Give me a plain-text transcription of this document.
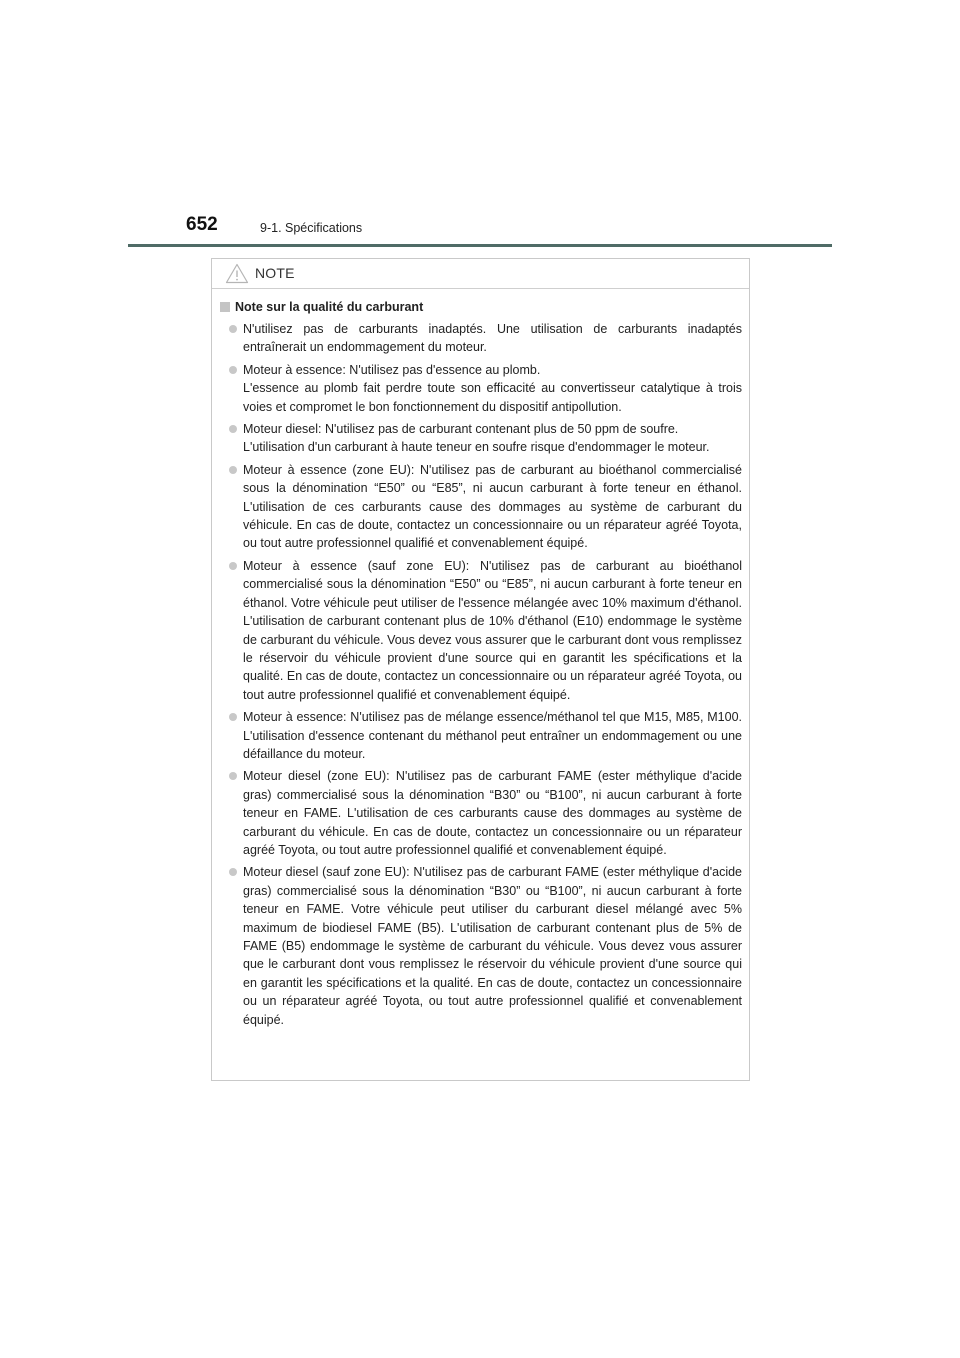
652	9-1. Spécifications
NOTE
Note sur la qualité du carburant
N'utilisez pas de carburants inadaptés. Une utilisation de carburants inadaptés entraînerait un endommagement du moteur.
Moteur à essence: N'utilisez pas d'essence au plomb.
L'essence au plomb fait perdre toute son efficacité au convertisseur catalytique à trois voies et compromet le bon fonctionnement du dispositif antipollution.
Moteur diesel: N'utilisez pas de carburant contenant plus de 50 ppm de soufre.
L'utilisation d'un carburant à haute teneur en soufre risque d'endommager le moteur.
Moteur à essence (zone EU): N'utilisez pas de carburant au bioéthanol commercialisé sous la dénomination “E50” ou “E85”, ni aucun carburant à forte teneur en éthanol. L'utilisation de ces carburants cause des dommages au système de carburant du véhicule. En cas de doute, contactez un concessionnaire ou un réparateur agréé Toyota, ou tout autre professionnel qualifié et convenablement équipé.
Moteur à essence (sauf zone EU): N'utilisez pas de carburant au bioéthanol commercialisé sous la dénomination “E50” ou “E85”, ni aucun carburant à forte teneur en éthanol. Votre véhicule peut utiliser de l'essence mélangée avec 10% maximum d'éthanol. L'utilisation de carburant contenant plus de 10% d'éthanol (E10) endommage le système de carburant du véhicule. Vous devez vous assurer que le carburant dont vous remplissez le réservoir du véhicule provient d'une source qui en garantit les spécifications et la qualité. En cas de doute, contactez un concessionnaire ou un réparateur agréé Toyota, ou tout autre professionnel qualifié et convenablement équipé.
Moteur à essence: N'utilisez pas de mélange essence/méthanol tel que M15, M85, M100. L'utilisation d'essence contenant du méthanol peut entraîner un endommagement ou une défaillance du moteur.
Moteur diesel (zone EU): N'utilisez pas de carburant FAME (ester méthylique d'acide gras) commercialisé sous la dénomination “B30” ou “B100”, ni aucun carburant à forte teneur en FAME. L'utilisation de ces carburants cause des dommages au système de carburant du véhicule. En cas de doute, contactez un concessionnaire ou un réparateur agréé Toyota, ou tout autre professionnel qualifié et convenablement équipé.
Moteur diesel (sauf zone EU): N'utilisez pas de carburant FAME (ester méthylique d'acide gras) commercialisé sous la dénomination “B30” ou “B100”, ni aucun carburant à forte teneur en FAME. Votre véhicule peut utiliser du carburant diesel mélangé avec 5% maximum de biodiesel FAME (B5). L'utilisation de carburant contenant plus de 5% de FAME (B5) endommage le système de carburant du véhicule. Vous devez vous assurer que le carburant dont vous remplissez le réservoir du véhicule provient d'une source qui en garantit les spécifications et la qualité. En cas de doute, contactez un concessionnaire ou un réparateur agréé Toyota, ou tout autre professionnel qualifié et convenablement équipé.
